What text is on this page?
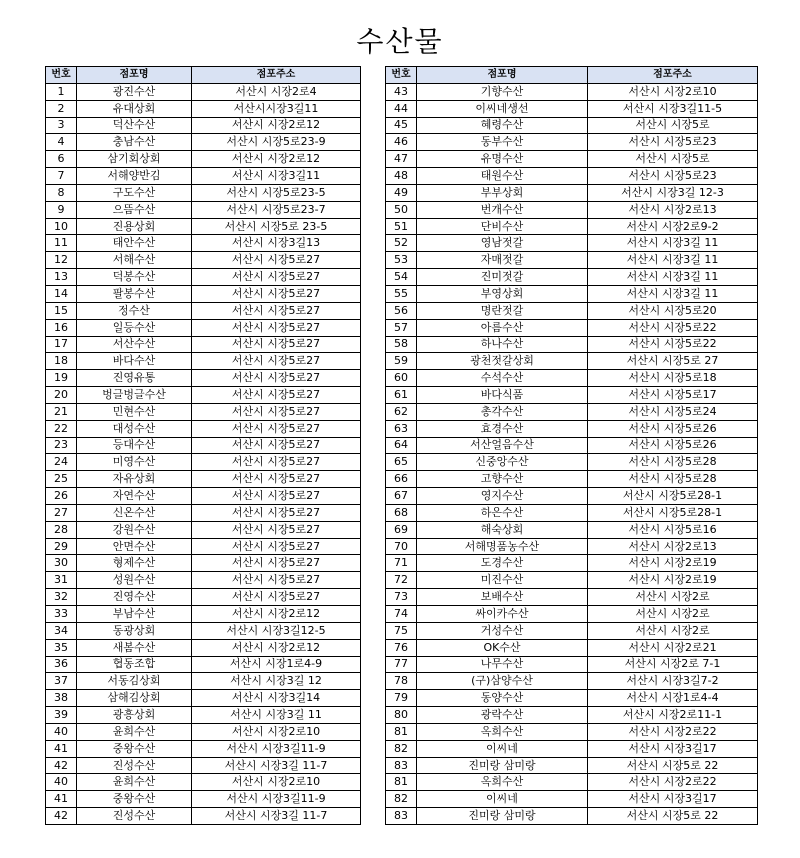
수산물
번호	점포명	점포주소
1	광진수산	서산시 시장2로4
2	유대상회	서산시시장3길11
3	덕산수산	서산시 시장2로12
4	충남수산	서산시 시장5로23-9
6	삼기회상회	서산시 시장2로12
7	서해양반김	서산시 시장3길11
8	구도수산	서산시 시장5로23-5
9	으뜸수산	서산시 시장5로23-7
10	진용상회	서산시 시장5로 23-5
11	태안수산	서산시 시장3길13
12	서해수산	서산시 시장5로27
13	덕봉수산	서산시 시장5로27
14	팔봉수산	서산시 시장5로27
15	정수산	서산시 시장5로27
16	일등수산	서산시 시장5로27
17	서산수산	서산시 시장5로27
18	바다수산	서산시 시장5로27
19	진영유통	서산시 시장5로27
20	벙글벙글수산	서산시 시장5로27
21	민현수산	서산시 시장5로27
22	대성수산	서산시 시장5로27
23	등대수산	서산시 시장5로27
24	미영수산	서산시 시장5로27
25	자유상회	서산시 시장5로27
26	자연수산	서산시 시장5로27
27	신온수산	서산시 시장5로27
28	강원수산	서산시 시장5로27
29	안면수산	서산시 시장5로27
30	형제수산	서산시 시장5로27
31	성원수산	서산시 시장5로27
32	진영수산	서산시 시장5로27
33	부남수산	서산시 시장2로12
34	동광상회	서산시 시장3길12-5
35	새봄수산	서산시 시장2로12
36	협동조합	서산시 시장1로4-9
37	서동김상회	서산시 시장3길 12
38	삼해김상회	서산시 시장3길14
39	광흥상회	서산시 시장3길 11
40	윤희수산	서산시 시장2로10
41	중왕수산	서산시 시장3길11-9
42	진성수산	서산시 시장3길 11-7
40	윤희수산	서산시 시장2로10
41	중왕수산	서산시 시장3길11-9
42	진성수산	서산시 시장3길 11-7
번호	점포명	점포주소
43	기향수산	서산시 시장2로10
44	이씨네생선	서산시 시장3길11-5
45	혜령수산	서산시 시장5로
46	동부수산	서산시 시장5로23
47	유명수산	서산시 시장5로
48	태원수산	서산시 시장5로23
49	부부상회	서산시 시장3길 12-3
50	번개수산	서산시 시장2로13
51	단비수산	서산시 시장2로9-2
52	영남젓갈	서산시 시장3길 11
53	자매젓갈	서산시 시장3길 11
54	진미젓갈	서산시 시장3길 11
55	부영상회	서산시 시장3길 11
56	명란젓갈	서산시 시장5로20
57	아름수산	서산시 시장5로22
58	하나수산	서산시 시장5로22
59	광천젓갈상회	서산시 시장5로 27
60	수석수산	서산시 시장5로18
61	바다식품	서산시 시장5로17
62	총각수산	서산시 시장5로24
63	효경수산	서산시 시장5로26
64	서산얼음수산	서산시 시장5로26
65	신중앙수산	서산시 시장5로28
66	고향수산	서산시 시장5로28
67	영지수산	서산시 시장5로28-1
68	하은수산	서산시 시장5로28-1
69	해숙상회	서산시 시장5로16
70	서해명품농수산	서산시 시장2로13
71	도경수산	서산시 시장2로19
72	미진수산	서산시 시장2로19
73	보배수산	서산시 시장2로
74	싸이카수산	서산시 시장2로
75	거성수산	서산시 시장2로
76	OK수산	서산시 시장2로21
77	나무수산	서산시 시장2로 7-1
78	(구)삼양수산	서산시 시장3길7-2
79	동양수산	서산시 시장1로4-4
80	광락수산	서산시 시장2로11-1
81	옥희수산	서산시 시장2로22
82	이씨네	서산시 시장3길17
83	진미랑 삼미랑	서산시 시장5로 22
81	옥희수산	서산시 시장2로22
82	이씨네	서산시 시장3길17
83	진미랑 삼미랑	서산시 시장5로 22
